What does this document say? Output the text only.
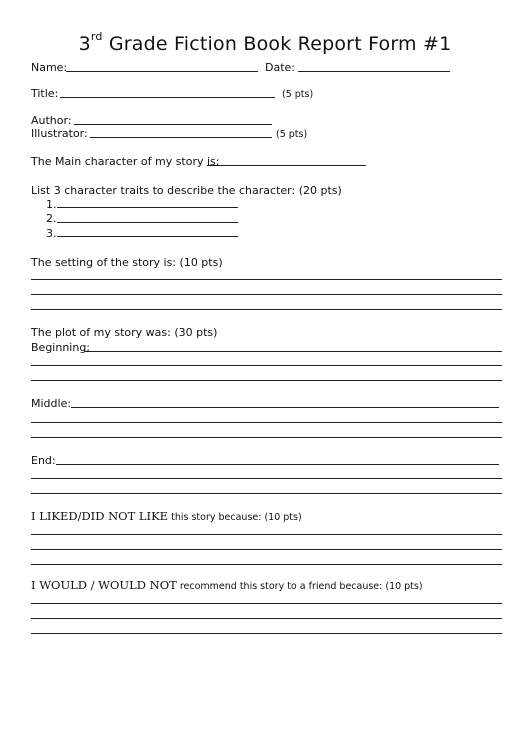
3rd Grade Fiction Book Report Form #1
Name:	Date:
Title:	(5 pts)
Author:
Illustrator:	(5 pts)
The Main character of my story is:
List 3 character traits to describe the character: (20 pts)
1.
2.
3.
The setting of the story is: (10 pts)
The plot of my story was: (30 pts)
Beginning:
Middle:
End:
I LIKED/DID NOT LIKE this story because: (10 pts)
I WOULD / WOULD NOT recommend this story to a friend because: (10 pts)
